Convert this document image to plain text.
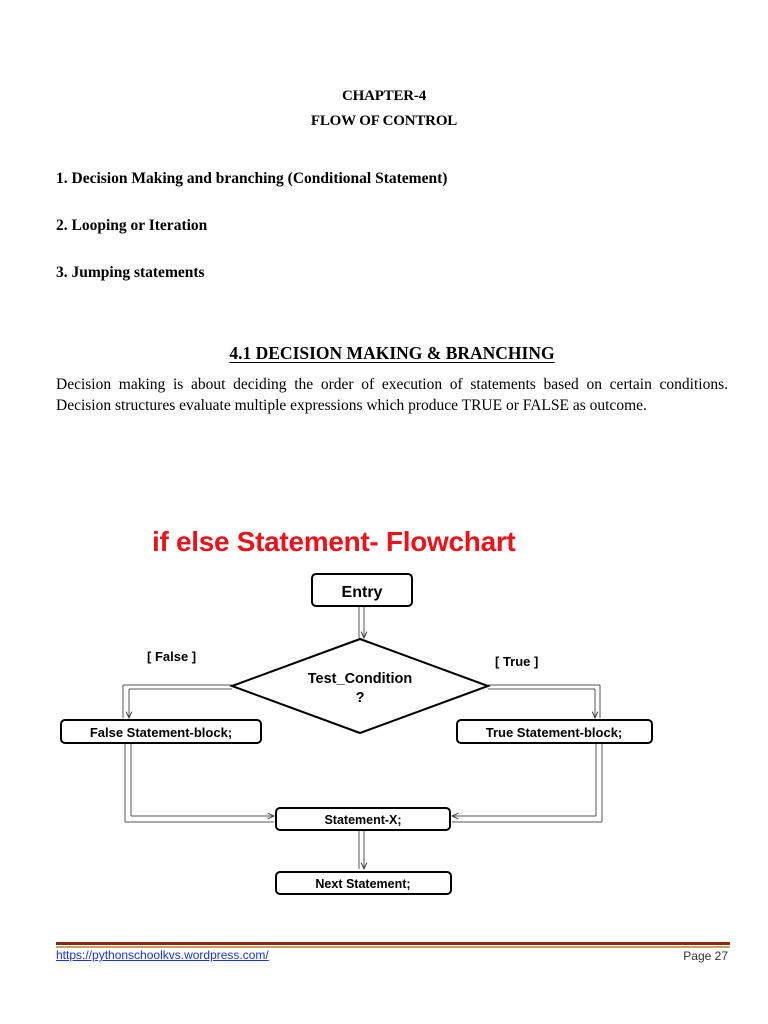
CHAPTER-4
FLOW OF CONTROL
1. Decision Making and branching (Conditional Statement)
2. Looping or Iteration
3. Jumping statements
4.1 DECISION MAKING & BRANCHING
Decision making is about deciding the order of execution of statements based on certain conditions. Decision structures evaluate multiple expressions which produce TRUE or FALSE as outcome.
if else Statement- Flowchart
Entry
Test_Condition
?
[ False ]	[ True ]
False Statement-block;	True Statement-block;
Statement-X;
Next Statement;
https://pythonschoolkvs.wordpress.com/	Page 27
